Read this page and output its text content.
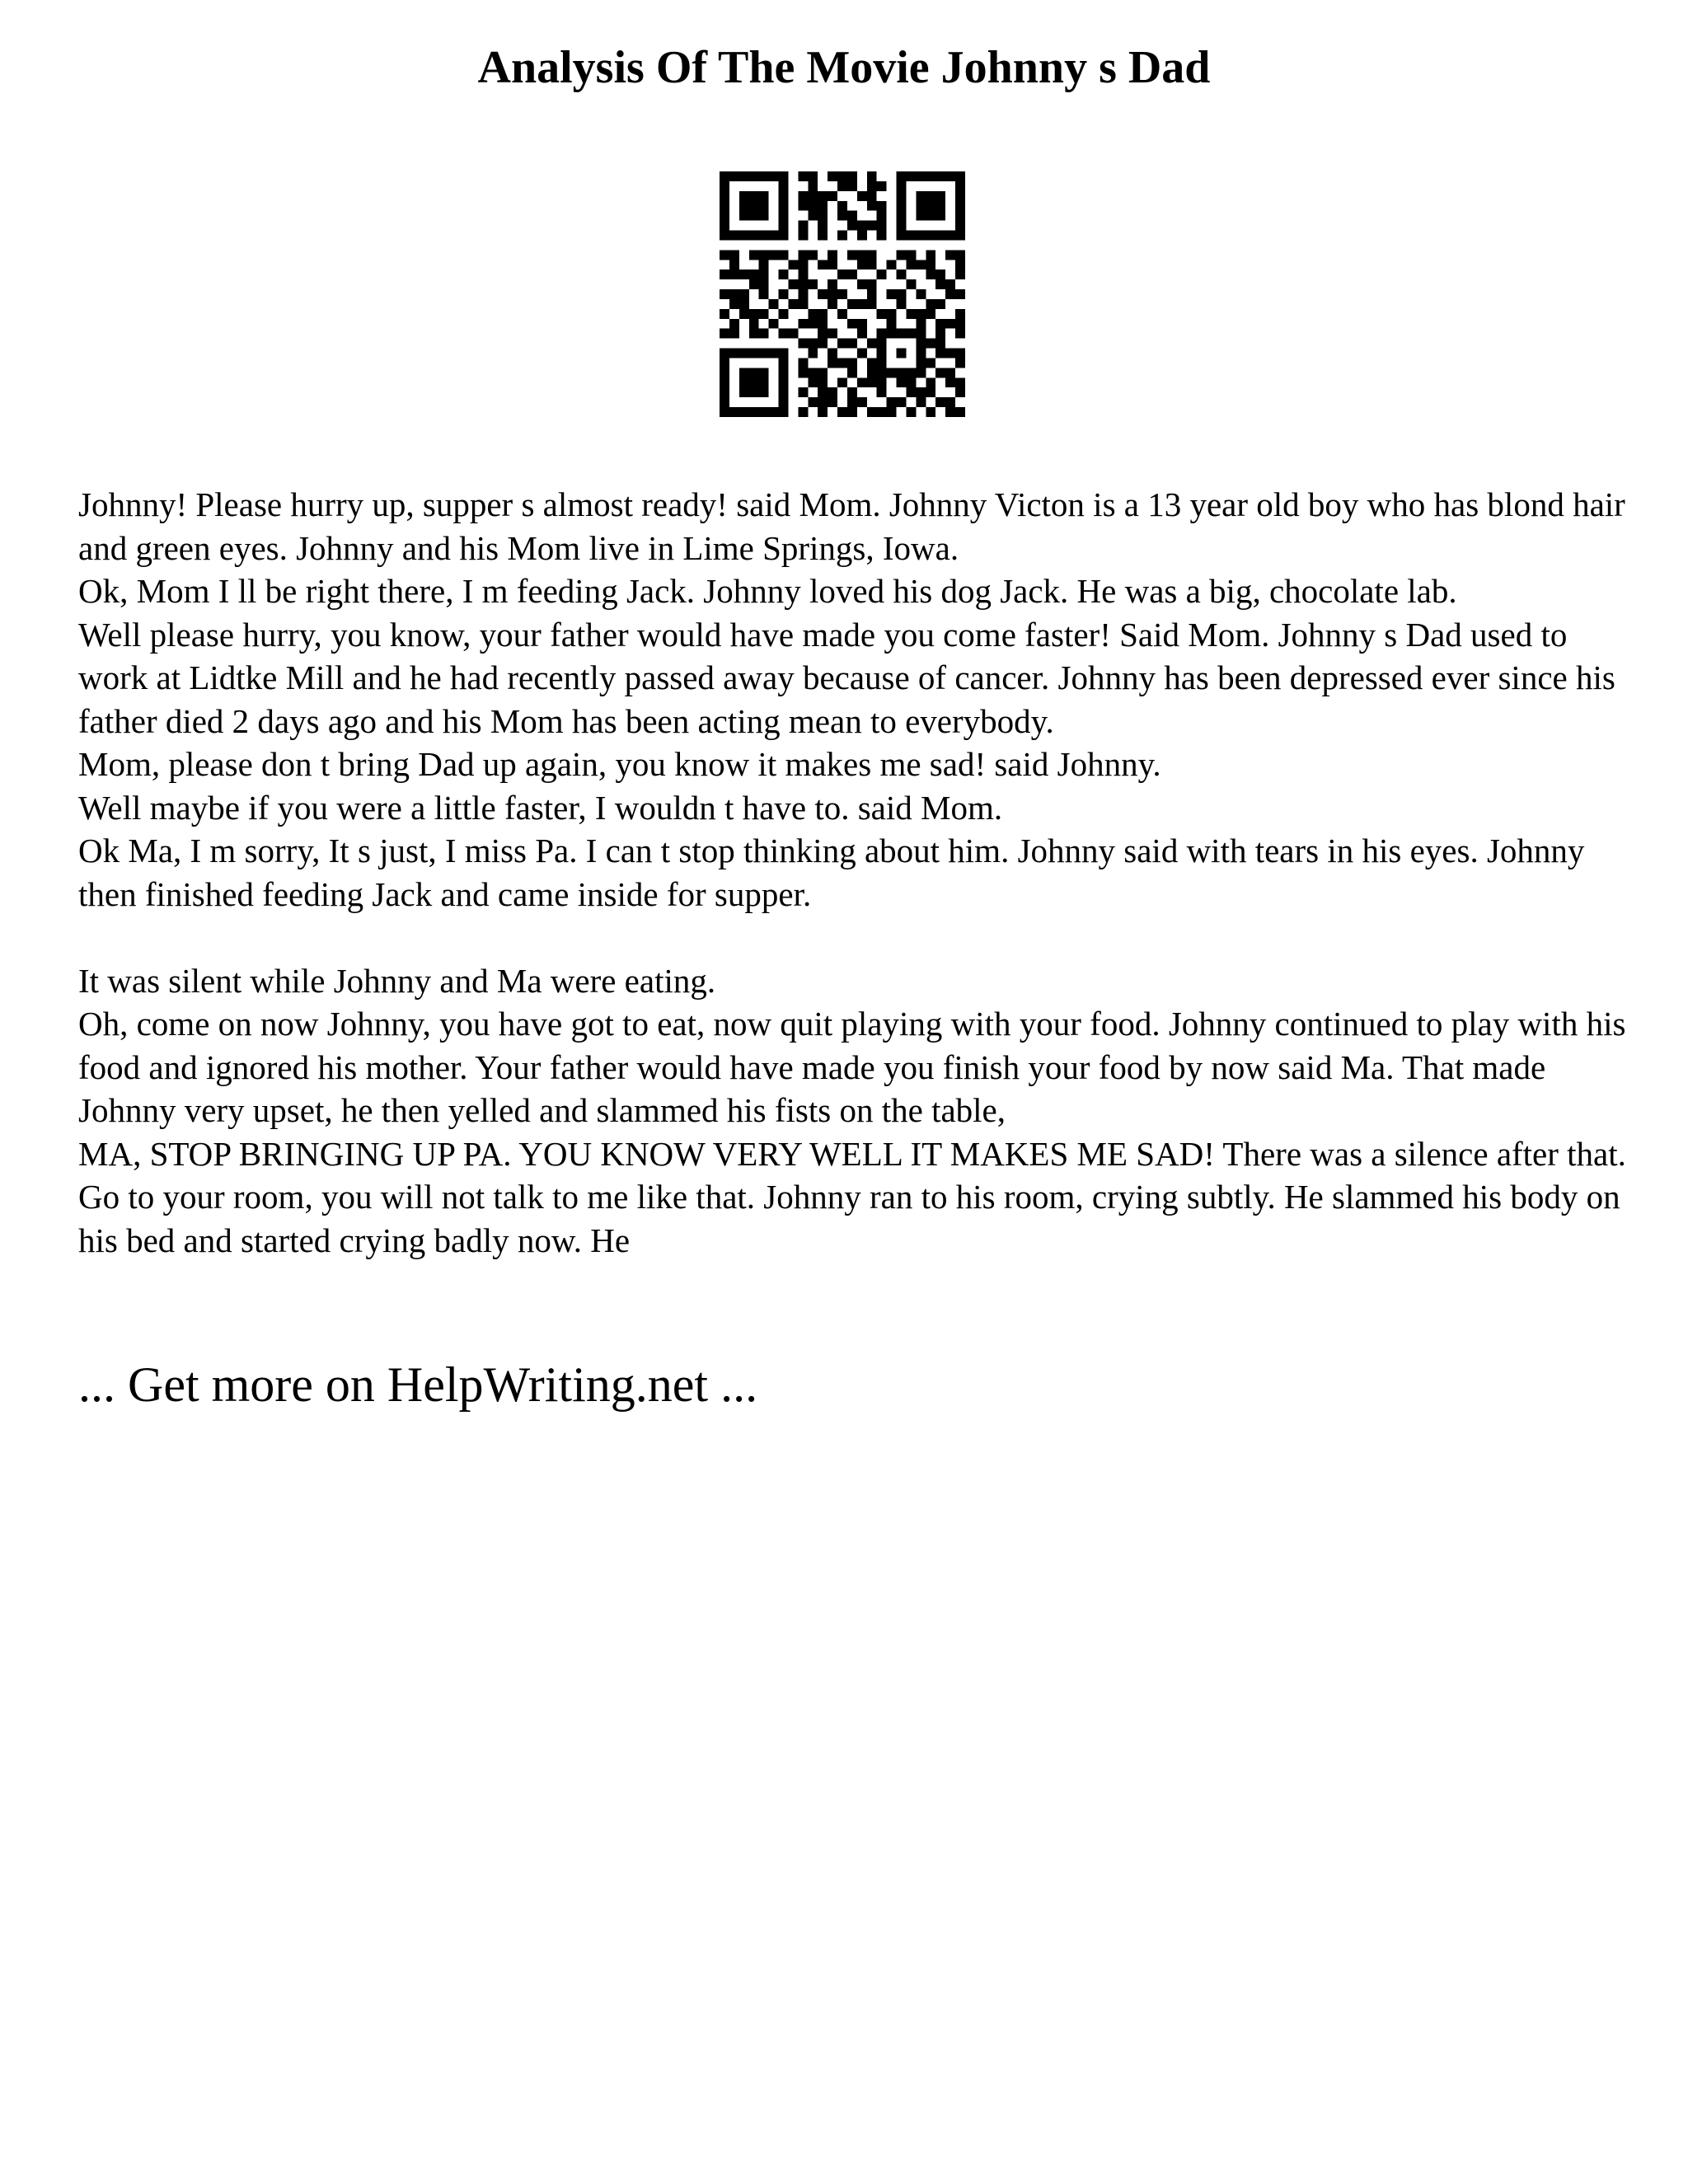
Analysis Of The Movie Johnny s Dad

Johnny! Please hurry up, supper s almost ready! said Mom. Johnny Victon is a 13 year old boy who has blond hair and green eyes. Johnny and his Mom live in Lime Springs, Iowa.

Ok, Mom I ll be right there, I m feeding Jack. Johnny loved his dog Jack. He was a big, chocolate lab.

Well please hurry, you know, your father would have made you come faster! Said Mom. Johnny s Dad used to work at Lidtke Mill and he had recently passed away because of cancer. Johnny has been depressed ever since his father died 2 days ago and his Mom has been acting mean to everybody.

Mom, please don t bring Dad up again, you know it makes me sad! said Johnny.

Well maybe if you were a little faster, I wouldn t have to. said Mom.

Ok Ma, I m sorry, It s just, I miss Pa. I can t stop thinking about him. Johnny said with tears in his eyes. Johnny then finished feeding Jack and came inside for supper.

It was silent while Johnny and Ma were eating.

Oh, come on now Johnny, you have got to eat, now quit playing with your food. Johnny continued to play with his food and ignored his mother. Your father would have made you finish your food by now said Ma. That made Johnny very upset, he then yelled and slammed his fists on the table,

MA, STOP BRINGING UP PA. YOU KNOW VERY WELL IT MAKES ME SAD! There was a silence after that.

Go to your room, you will not talk to me like that. Johnny ran to his room, crying subtly. He slammed his body on his bed and started crying badly now. He

... Get more on HelpWriting.net ...
